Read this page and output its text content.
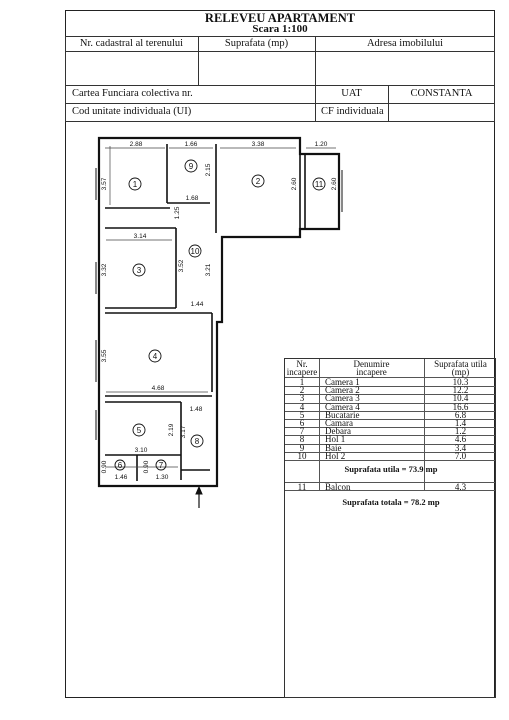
RELEVEU APARTAMENT
Scara 1:100
Nr. cadastral al terenului	Suprafata (mp)	Adresa imobilului
Cartea Funciara colectiva nr.	UAT	CONSTANTA
Cod unitate individuala (UI)	CF individuala
1	2
3
4
5
6	7
8
9
10
11
2.88	1.66	3.38	1.20
1.68
3.14
1.44
4.68
1.48
3.10
1.46	1.30
3.57
2.15
2.60	2.60
1.25
3.32	3.52	3.21
3.55
2.19 3.17
0.90	0.90
Nr.
incapere
Denumire
incapere
Suprafata utila
(mp)
1	Camera 1	10.3
2	Camera 2	12.2
3	Camera 3	10.4
4	Camera 4	16.6
5	Bucatarie	6.8
6	Camara	1.4
7	Debara	1.2
8	Hol 1	4.6
9	Baie	3.4
10	Hol 2	7.0
Suprafata utila = 73.9 mp
11	Balcon	4.3
Suprafata totala = 78.2 mp
